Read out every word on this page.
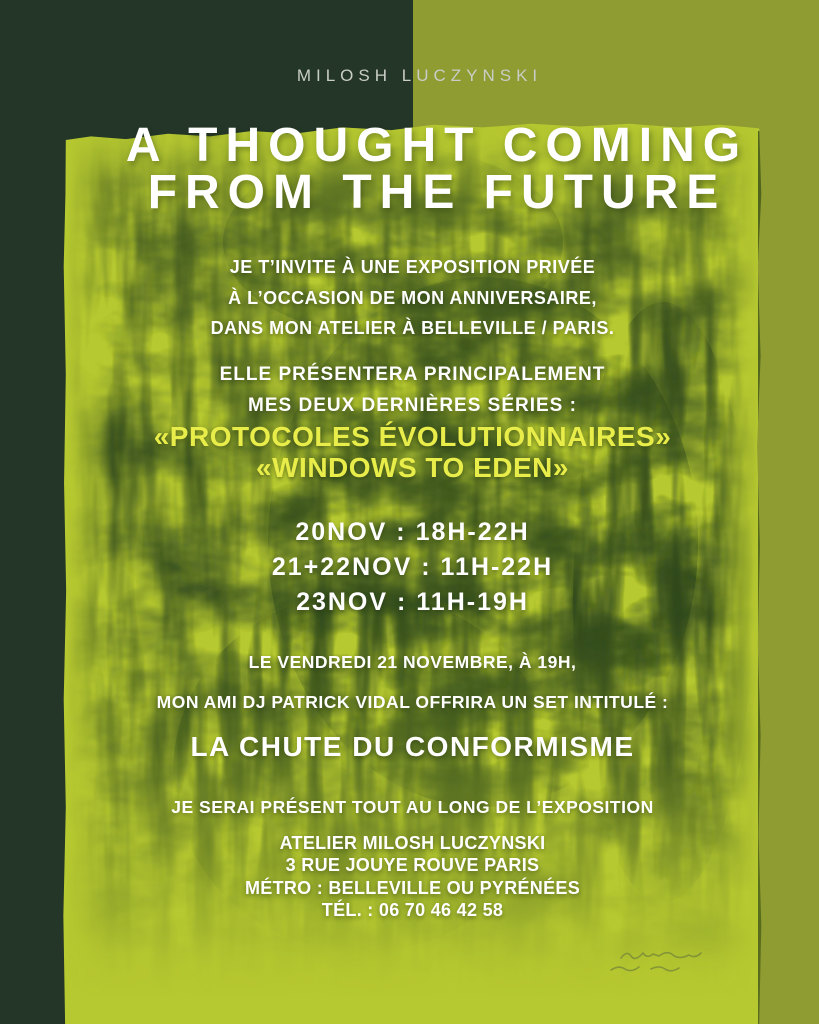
MILOSH LUCZYNSKI
A THOUGHT COMING
FROM THE FUTURE
JE T’INVITE À UNE EXPOSITION PRIVÉE
À L’OCCASION DE MON ANNIVERSAIRE,
DANS MON ATELIER À BELLEVILLE / PARIS.
ELLE PRÉSENTERA PRINCIPALEMENT
MES DEUX DERNIÈRES SÉRIES :
«PROTOCOLES ÉVOLUTIONNAIRES»
«WINDOWS TO EDEN»
20NOV : 18H-22H
21+22NOV : 11H-22H
23NOV : 11H-19H
LE VENDREDI 21 NOVEMBRE, À 19H,
MON AMI DJ PATRICK VIDAL OFFRIRA UN SET INTITULÉ :
LA CHUTE DU CONFORMISME
JE SERAI PRÉSENT TOUT AU LONG DE L’EXPOSITION
ATELIER MILOSH LUCZYNSKI
3 RUE JOUYE ROUVE PARIS
MÉTRO : BELLEVILLE OU PYRÉNÉES
TÉL. : 06 70 46 42 58
